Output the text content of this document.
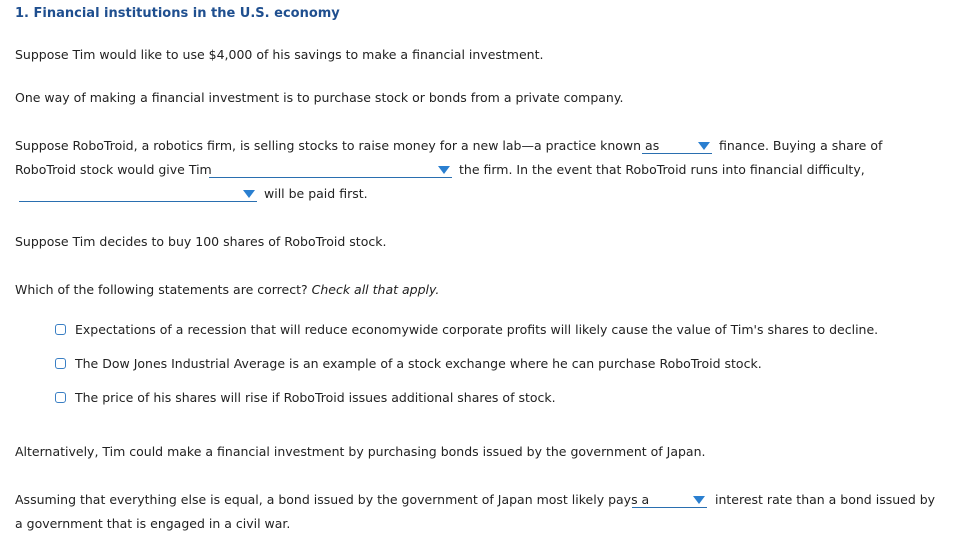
1. Financial institutions in the U.S. economy
Suppose Tim would like to use $4,000 of his savings to make a financial investment.
One way of making a financial investment is to purchase stock or bonds from a private company.
Suppose RoboTroid, a robotics firm, is selling stocks to raise money for a new lab—a practice known as	finance. Buying a share of
RoboTroid stock would give Tim	the firm. In the event that RoboTroid runs into financial difficulty,
will be paid first.
Suppose Tim decides to buy 100 shares of RoboTroid stock.
Which of the following statements are correct? Check all that apply.
Expectations of a recession that will reduce economywide corporate profits will likely cause the value of Tim's shares to decline.
The Dow Jones Industrial Average is an example of a stock exchange where he can purchase RoboTroid stock.
The price of his shares will rise if RoboTroid issues additional shares of stock.
Alternatively, Tim could make a financial investment by purchasing bonds issued by the government of Japan.
Assuming that everything else is equal, a bond issued by the government of Japan most likely pays a	interest rate than a bond issued by
a government that is engaged in a civil war.
